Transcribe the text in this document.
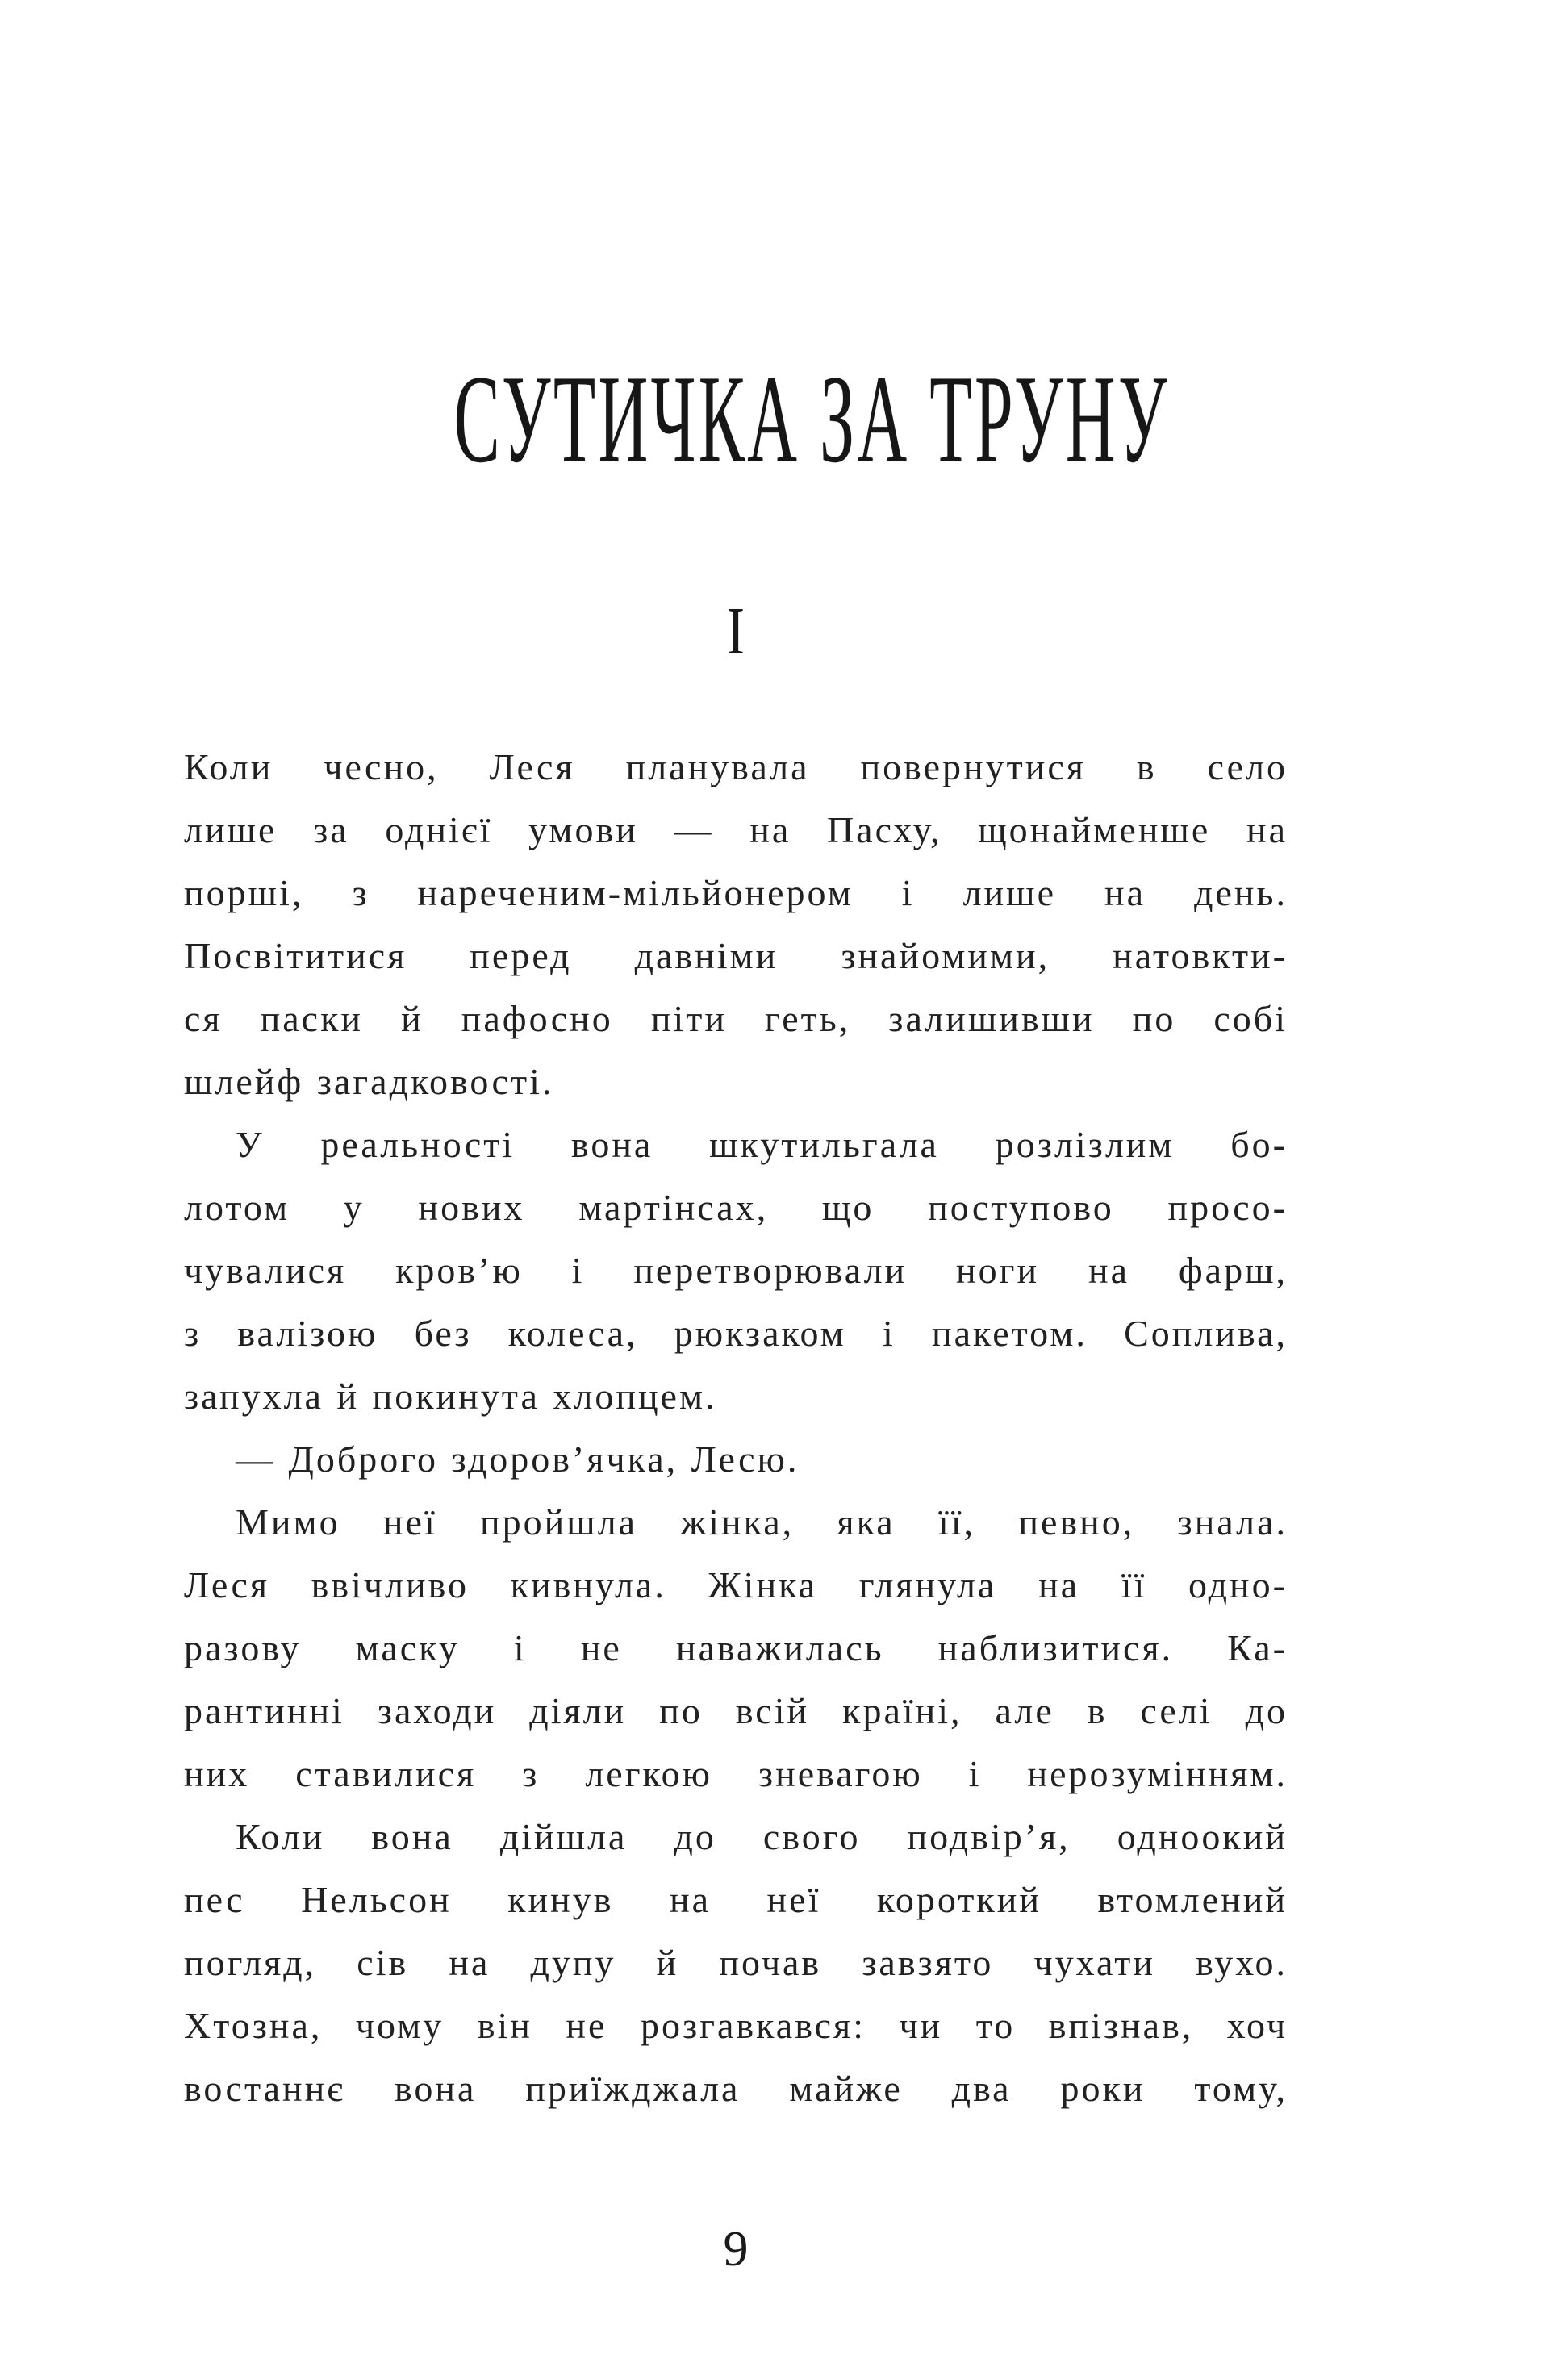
СУТИЧКА ЗА ТРУНУ
I
Коли чесно, Леся планувала повернутися в село
лише за однієї умови — на Пасху, щонайменше на
порші, з нареченим-мільйонером і лише на день.
Посвітитися перед давніми знайомими, натовкти-
ся паски й пафосно піти геть, залишивши по собі
шлейф загадковості.
У реальності вона шкутильгала розлізлим бо-
лотом у нових мартінсах, що поступово просо-
чувалися кров’ю і перетворювали ноги на фарш,
з валізою без колеса, рюкзаком і пакетом. Соплива,
запухла й покинута хлопцем.
— Доброго здоров’ячка, Лесю.
Мимо неї пройшла жінка, яка її, певно, знала.
Леся ввічливо кивнула. Жінка глянула на її одно-
разову маску і не наважилась наблизитися. Ка-
рантинні заходи діяли по всій країні, але в селі до
них ставилися з легкою зневагою і нерозумінням.
Коли вона дійшла до свого подвір’я, одноокий
пес Нельсон кинув на неї короткий втомлений
погляд, сів на дупу й почав завзято чухати вухо.
Хтозна, чому він не розгавкався: чи то впізнав, хоч
востаннє вона приїжджала майже два роки тому,
9
